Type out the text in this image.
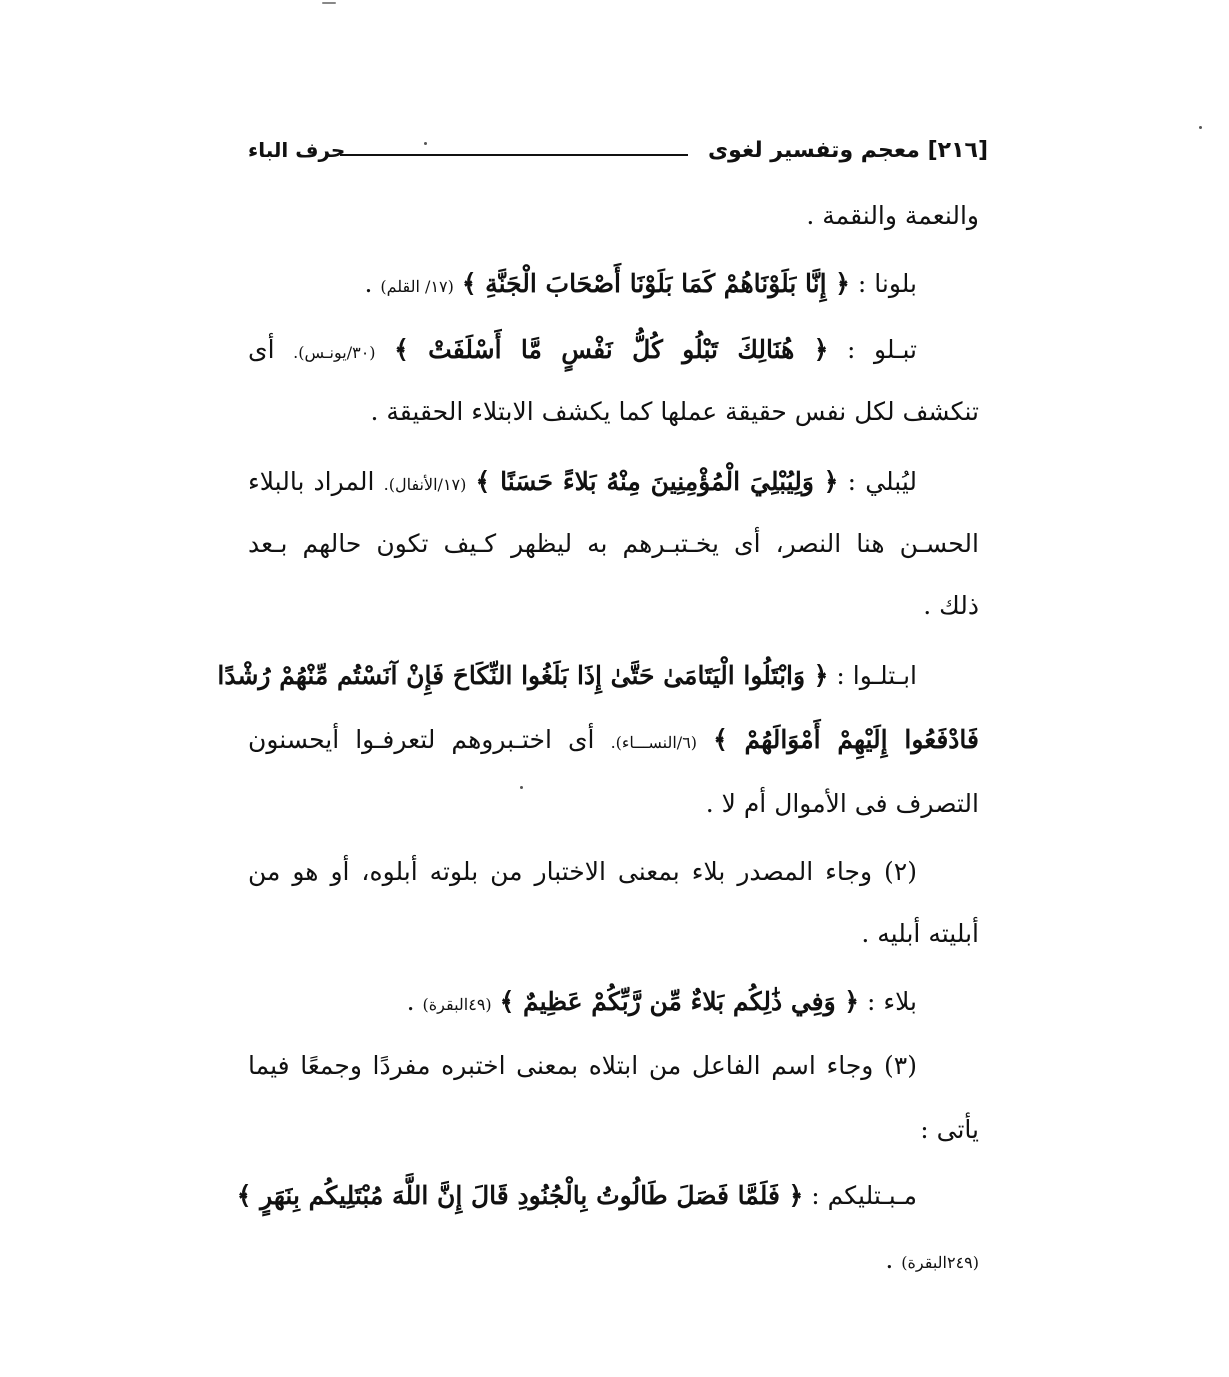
[٢١٦] معجم وتفسير لغوى
حرف الباء
والنعمة والنقمة .
بلونا : ﴿ إِنَّا بَلَوْنَاهُمْ كَمَا بَلَوْنَا أَصْحَابَ الْجَنَّةِ ﴾ (١٧/ القلم) .
تبـلو : ﴿ هُنَالِكَ تَبْلُو كُلُّ نَفْسٍ مَّا أَسْلَفَتْ ﴾ (٣٠/يونـس). أى
تنكشف لكل نفس حقيقة عملها كما يكشف الابتلاء الحقيقة .
ليُبلي : ﴿ وَلِيُبْلِيَ الْمُؤْمِنِينَ مِنْهُ بَلاءً حَسَنًا ﴾ (١٧/الأنفال). المراد بالبلاء
الحسـن هنا النصر، أى يخـتبـرهم به ليظهر كـيف تكون حالهم بـعد
ذلك .
ابـتلـوا : ﴿ وَابْتَلُوا الْيَتَامَىٰ حَتَّىٰ إِذَا بَلَغُوا النِّكَاحَ فَإِنْ آنَسْتُم مِّنْهُمْ رُشْدًا
فَادْفَعُوا إِلَيْهِمْ أَمْوَالَهُمْ ﴾ (٦/النســـاء). أى اختـبروهم لتعرفـوا أيحسنون
التصرف فى الأموال أم لا .
(٢) وجاء المصدر بلاء بمعنى الاختبار من بلوته أبلوه، أو هو من
أبليته أبليه .
بلاء : ﴿ وَفِي ذَٰلِكُم بَلاءٌ مِّن رَّبِّكُمْ عَظِيمٌ ﴾ (٤٩البقرة) .
(٣) وجاء اسم الفاعل من ابتلاه بمعنى اختبره مفردًا وجمعًا فيما
يأتى :
مـبـتليكم : ﴿ فَلَمَّا فَصَلَ طَالُوتُ بِالْجُنُودِ قَالَ إِنَّ اللَّهَ مُبْتَلِيكُم بِنَهَرٍ ﴾
(٢٤٩البقرة) .
